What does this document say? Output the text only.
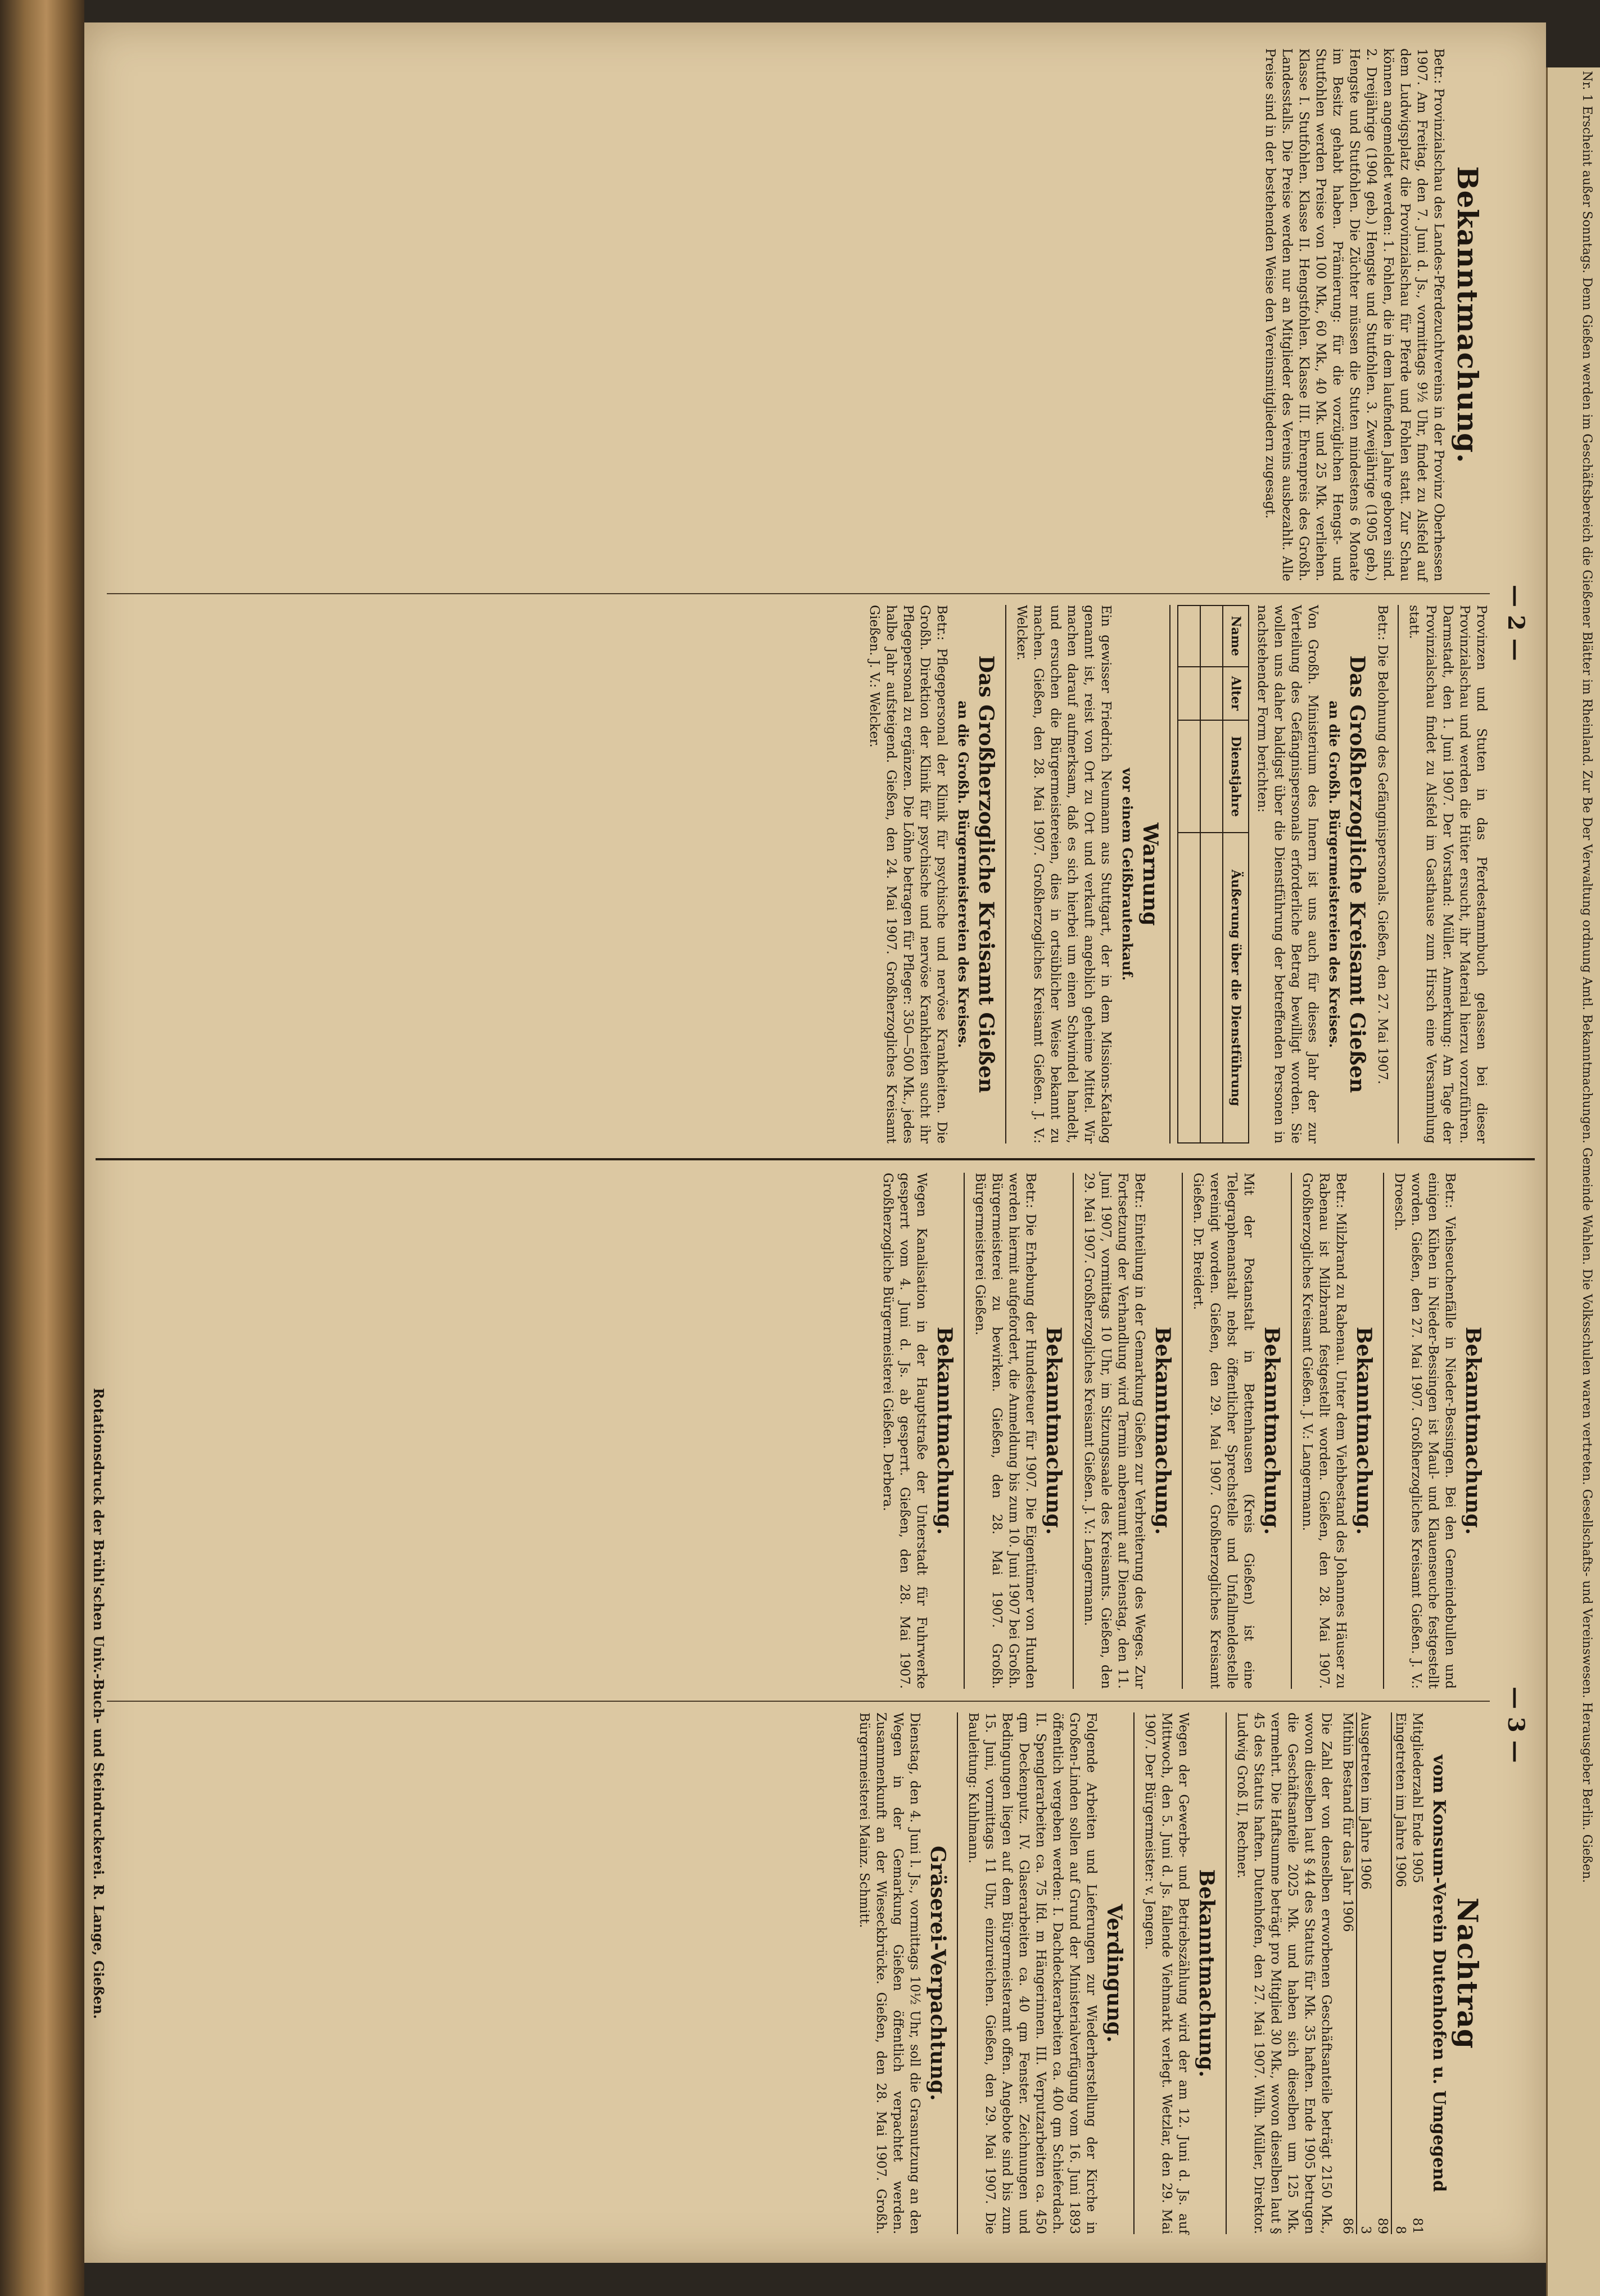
— 2 —
Bekanntmachung.

Betr.: Provinzialschau des Landes-Pferdezuchtvereins in der Provinz Oberhessen 1907. Am Freitag, den 7. Juni d. Js., vormittags 9½ Uhr, findet zu Alsfeld auf dem Ludwigsplatz die Provinzialschau für Pferde und Fohlen statt. Zur Schau können angemeldet werden: 1. Fohlen, die in dem laufenden Jahre geboren sind. 2. Dreijährige (1904 geb.) Hengste und Stutfohlen. 3. Zweijährige (1905 geb.) Hengste und Stutfohlen. Die Züchter müssen die Stuten mindestens 6 Monate im Besitz gehabt haben. Prämierung: für die vorzüglichen Hengst- und Stutfohlen werden Preise von 100 Mk., 60 Mk., 40 Mk. und 25 Mk. verliehen. Klasse I. Stutfohlen. Klasse II. Hengstfohlen. Klasse III. Ehrenpreis des Großh. Landesstalls. Die Preise werden nur an Mitglieder des Vereins ausbezahlt. Alle Preise sind in der bestehenden Weise den Vereinsmitgliedern zugesagt.

Provinzen und Stuten in das Pferdestammbuch gelassen bei dieser Provinzialschau und werden die Hüter ersucht, ihr Material hierzu vorzuführen. Darmstadt, den 1. Juni 1907. Der Vorstand: Müller. Anmerkung: Am Tage der Provinzialschau findet zu Alsfeld im Gasthause zum Hirsch eine Versammlung statt.

Betr.: Die Belohnung des Gefängnispersonals. Gießen, den 27. Mai 1907.

Das Großherzogliche Kreisamt Gießen
an die Großh. Bürgermeistereien des Kreises.

Von Großh. Ministerium des Innern ist uns auch für dieses Jahr der zur Verteilung des Gefängnispersonals erforderliche Betrag bewilligt worden. Sie wollen uns daher baldigst über die Dienstführung der betreffenden Personen in nachstehender Form berichten:

Name	Alter	Dienstjahre	Äußerung über die Dienstführung

Warnung
vor einem Geißbrautenkauf.

Ein gewisser Friedrich Neumann aus Stuttgart, der in dem Missions-Katalog genannt ist, reist von Ort zu Ort und verkauft angeblich geheime Mittel. Wir machen darauf aufmerksam, daß es sich hierbei um einen Schwindel handelt, und ersuchen die Bürgermeistereien, dies in ortsüblicher Weise bekannt zu machen. Gießen, den 28. Mai 1907. Großherzogliches Kreisamt Gießen. J. V.: Welcker.

Das Großherzogliche Kreisamt Gießen
an die Großh. Bürgermeistereien des Kreises.

Betr.: Pflegepersonal der Klinik für psychische und nervöse Krankheiten. Die Großh. Direktion der Klinik für psychische und nervöse Krankheiten sucht ihr Pflegepersonal zu ergänzen. Die Löhne betragen für Pfleger: 350—500 Mk., jedes halbe Jahr aufsteigend. Gießen, den 24. Mai 1907. Großherzogliches Kreisamt Gießen. J. V.: Welcker.

— 3 —
Bekanntmachung.

Betr.: Viehseuchenfälle in Nieder-Bessingen. Bei den Gemeindebullen und einigen Kühen in Nieder-Bessingen ist Maul- und Klauenseuche festgestellt worden. Gießen, den 27. Mai 1907. Großherzogliches Kreisamt Gießen. J. V.: Droesch.

Bekanntmachung.

Betr.: Milzbrand zu Rabenau. Unter dem Viehbestand des Johannes Häuser zu Rabenau ist Milzbrand festgestellt worden. Gießen, den 28. Mai 1907. Großherzogliches Kreisamt Gießen. J. V.: Langermann.

Bekanntmachung.

Mit der Postanstalt in Bettenhausen (Kreis Gießen) ist eine Telegraphenanstalt nebst öffentlicher Sprechstelle und Unfallmeldestelle vereinigt worden. Gießen, den 29. Mai 1907. Großherzogliches Kreisamt Gießen. Dr. Breidert.

Bekanntmachung.

Betr.: Einteilung in der Gemarkung Gießen zur Verbreiterung des Weges. Zur Fortsetzung der Verhandlung wird Termin anberaumt auf Dienstag, den 11. Juni 1907, vormittags 10 Uhr, im Sitzungssaale des Kreisamts. Gießen, den 29. Mai 1907. Großherzogliches Kreisamt Gießen. J. V.: Langermann.

Bekanntmachung.

Betr.: Die Erhebung der Hundesteuer für 1907. Die Eigentümer von Hunden werden hiermit aufgefordert, die Anmeldung bis zum 10. Juni 1907 bei Großh. Bürgermeisterei zu bewirken. Gießen, den 28. Mai 1907. Großh. Bürgermeisterei Gießen.

Bekanntmachung.

Wegen Kanalisation in der Hauptstraße der Unterstadt für Fuhrwerke gesperrt vom 4. Juni d. Js. ab gesperrt. Gießen, den 28. Mai 1907. Großherzogliche Bürgermeisterei Gießen. Derbera.

Nachtrag
vom Konsum-Verein Dutenhofen u. Umgegend
Mitgliederzahl Ende 1905
81
Eingetreten im Jahre 1906
8
89
Ausgetreten im Jahre 1906
3
Mithin Bestand für das Jahr 1906
86

Die Zahl der von denselben erworbenen Geschäftsanteile beträgt 2150 Mk., wovon dieselben laut § 44 des Statuts für Mk. 35 haften. Ende 1905 betrugen die Geschäftsanteile 2025 Mk. und haben sich dieselben um 125 Mk. vermehrt. Die Haftsumme beträgt pro Mitglied 30 Mk., wovon dieselben laut § 45 des Statuts haften. Dutenhofen, den 27. Mai 1907. Wilh. Müller, Direktor. Ludwig Groß II, Rechner.

Bekanntmachung.

Wegen der Gewerbe- und Betriebszählung wird der am 12. Juni d. Js. auf Mittwoch, den 5. Juni d. Js. fallende Viehmarkt verlegt. Wetzlar, den 29. Mai 1907. Der Bürgermeister: v. Jengen.

Verdingung.

Folgende Arbeiten und Lieferungen zur Wiederherstellung der Kirche in Großen-Linden sollen auf Grund der Ministerialverfügung vom 16. Juni 1893 öffentlich vergeben werden: I. Dachdeckerarbeiten ca. 400 qm Schieferdach. II. Spenglerarbeiten ca. 75 lfd. m Hängerinnen. III. Verputzarbeiten ca. 450 qm Deckenputz. IV. Glaserarbeiten ca. 40 qm Fenster. Zeichnungen und Bedingungen liegen auf dem Bürgermeisteramt offen. Angebote sind bis zum 15. Juni, vormittags 11 Uhr, einzureichen. Gießen, den 29. Mai 1907. Die Bauleitung: Kuhlmann.

Gräserei-Verpachtung.

Dienstag, den 4. Juni l. Js., vormittags 10½ Uhr, soll die Grasnutzung an den Wegen in der Gemarkung Gießen öffentlich verpachtet werden. Zusammenkunft an der Wieseckbrücke. Gießen, den 28. Mai 1907. Großh. Bürgermeisterei Mainz. Schmitt.

Rotationsdruck der Brühl'schen Univ.-Buch- und Steindruckerei. R. Lange, Gießen.	Nr. 1 Erscheint außer Sonntags. Denn Gießen werden im Geschäftsbereich die Gießener Blätter im Rheinland. Zur Be Der Verwaltung ordnung Amtl. Bekanntmachungen. Gemeinde Wahlen. Die Volksschulen waren vertreten. Gesellschafts- und Vereinswesen. Herausgeber Berlin. Gießen.
